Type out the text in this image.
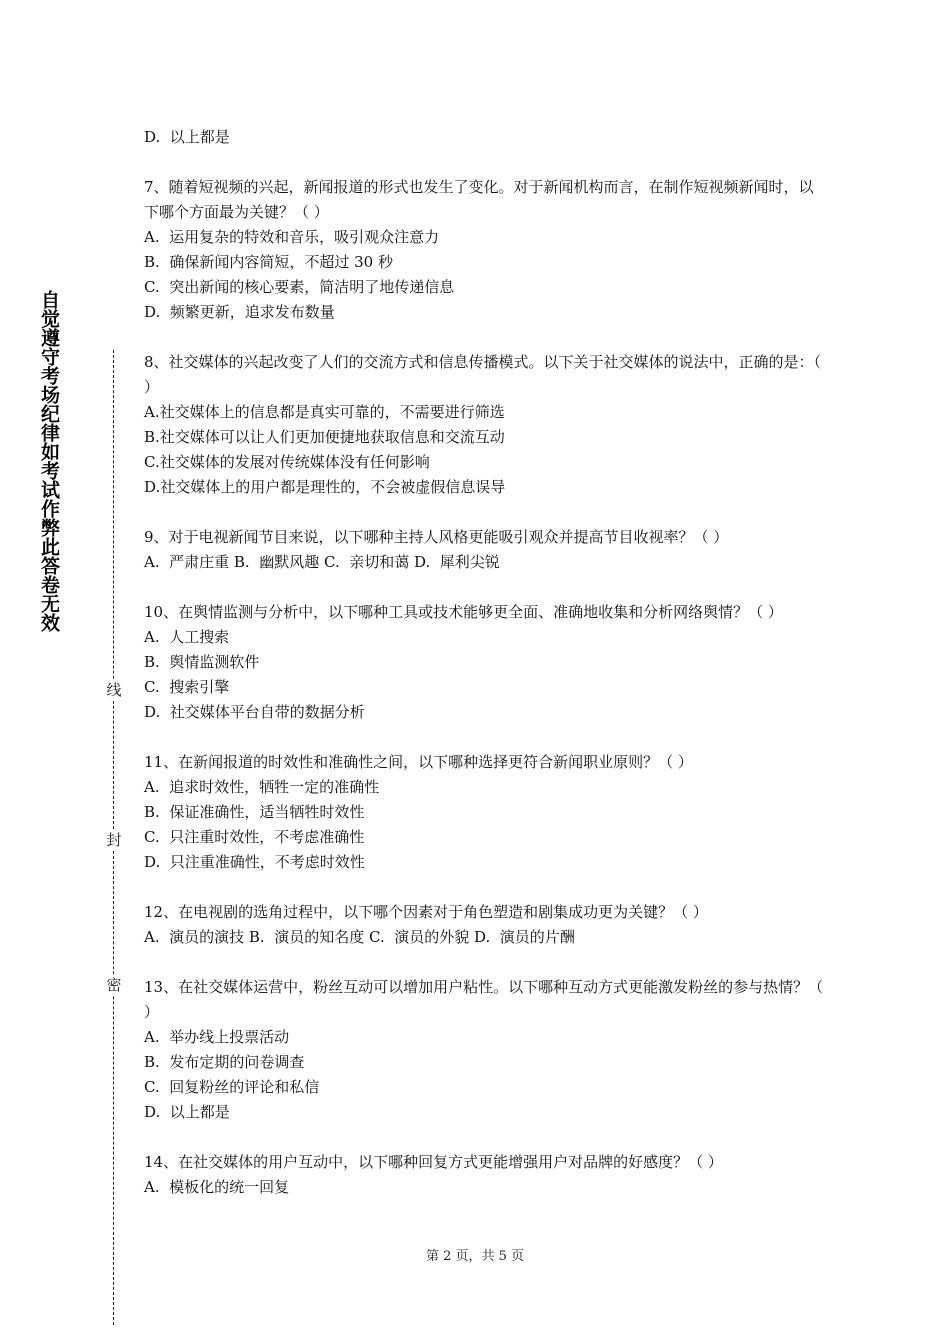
自觉遵守考场纪律如考试作弊此答卷无效
线
封
密
D.  以上都是
7、随着短视频的兴起，新闻报道的形式也发生了变化。对于新闻机构而言，在制作短视频新闻时，以下哪个方面最为关键？（ ）
A.  运用复杂的特效和音乐，吸引观众注意力
B.  确保新闻内容简短，不超过 30 秒
C.  突出新闻的核心要素，简洁明了地传递信息
D.  频繁更新，追求发布数量
8、社交媒体的兴起改变了人们的交流方式和信息传播模式。以下关于社交媒体的说法中，正确的是：（ ）
A.社交媒体上的信息都是真实可靠的，不需要进行筛选
B.社交媒体可以让人们更加便捷地获取信息和交流互动
C.社交媒体的发展对传统媒体没有任何影响
D.社交媒体上的用户都是理性的，不会被虚假信息误导
9、对于电视新闻节目来说，以下哪种主持人风格更能吸引观众并提高节目收视率？（ ）
A.  严肃庄重 B.  幽默风趣 C.  亲切和蔼 D.  犀利尖锐
10、在舆情监测与分析中，以下哪种工具或技术能够更全面、准确地收集和分析网络舆情？（ ）
A.  人工搜索
B.  舆情监测软件
C.  搜索引擎
D.  社交媒体平台自带的数据分析
11、在新闻报道的时效性和准确性之间，以下哪种选择更符合新闻职业原则？（ ）
A.  追求时效性，牺牲一定的准确性
B.  保证准确性，适当牺牲时效性
C.  只注重时效性，不考虑准确性
D.  只注重准确性，不考虑时效性
12、在电视剧的选角过程中，以下哪个因素对于角色塑造和剧集成功更为关键？（ ）
A.  演员的演技 B.  演员的知名度 C.  演员的外貌 D.  演员的片酬
13、在社交媒体运营中，粉丝互动可以增加用户粘性。以下哪种互动方式更能激发粉丝的参与热情？（ ）
A.  举办线上投票活动
B.  发布定期的问卷调查
C.  回复粉丝的评论和私信
D.  以上都是
14、在社交媒体的用户互动中，以下哪种回复方式更能增强用户对品牌的好感度？（ ）
A.  模板化的统一回复
第 2 页，共 5 页
